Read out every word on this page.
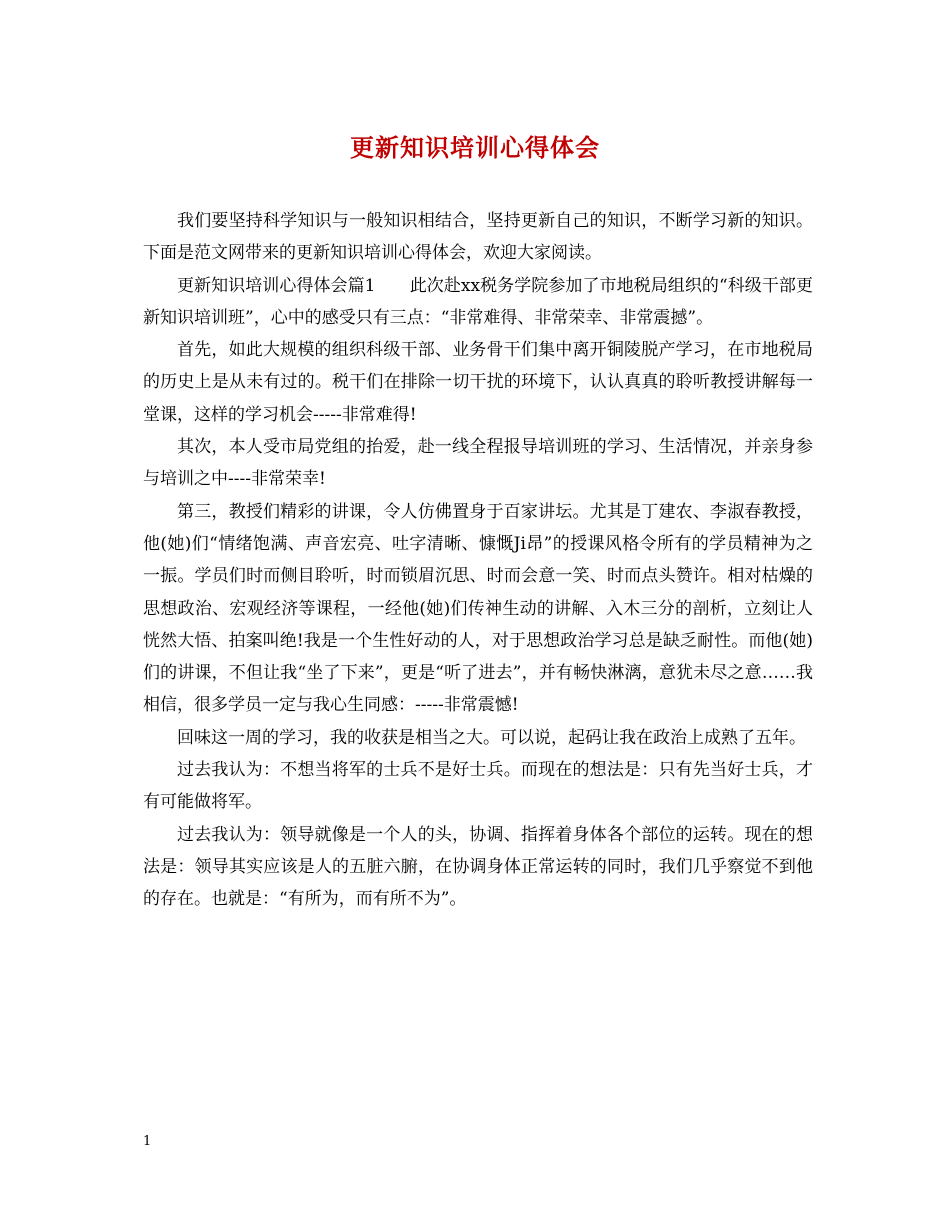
更新知识培训心得体会

我们要坚持科学知识与一般知识相结合，坚持更新自己的知识，不断学习新的知识。下面是范文网带来的更新知识培训心得体会，欢迎大家阅读。

更新知识培训心得体会篇1　　此次赴xx税务学院参加了市地税局组织的“科级干部更新知识培训班”，心中的感受只有三点：“非常难得、非常荣幸、非常震撼”。

首先，如此大规模的组织科级干部、业务骨干们集中离开铜陵脱产学习，在市地税局的历史上是从未有过的。税干们在排除一切干扰的环境下，认认真真的聆听教授讲解每一堂课，这样的学习机会-----非常难得!

其次，本人受市局党组的抬爱，赴一线全程报导培训班的学习、生活情况，并亲身参与培训之中----非常荣幸!

第三，教授们精彩的讲课，令人仿佛置身于百家讲坛。尤其是丁建农、李淑春教授，他(她)们“情绪饱满、声音宏亮、吐字清晰、慷慨Ji昂”的授课风格令所有的学员精神为之一振。学员们时而侧目聆听，时而锁眉沉思、时而会意一笑、时而点头赞许。相对枯燥的思想政治、宏观经济等课程，一经他(她)们传神生动的讲解、入木三分的剖析，立刻让人恍然大悟、拍案叫绝!我是一个生性好动的人，对于思想政治学习总是缺乏耐性。而他(她)们的讲课，不但让我“坐了下来”，更是“听了进去”，并有畅快淋漓，意犹未尽之意……我相信，很多学员一定与我心生同感：-----非常震憾!

回味这一周的学习，我的收获是相当之大。可以说，起码让我在政治上成熟了五年。

过去我认为：不想当将军的士兵不是好士兵。而现在的想法是：只有先当好士兵，才有可能做将军。

过去我认为：领导就像是一个人的头，协调、指挥着身体各个部位的运转。现在的想法是：领导其实应该是人的五脏六腑，在协调身体正常运转的同时，我们几乎察觉不到他的存在。也就是：“有所为，而有所不为”。

1
